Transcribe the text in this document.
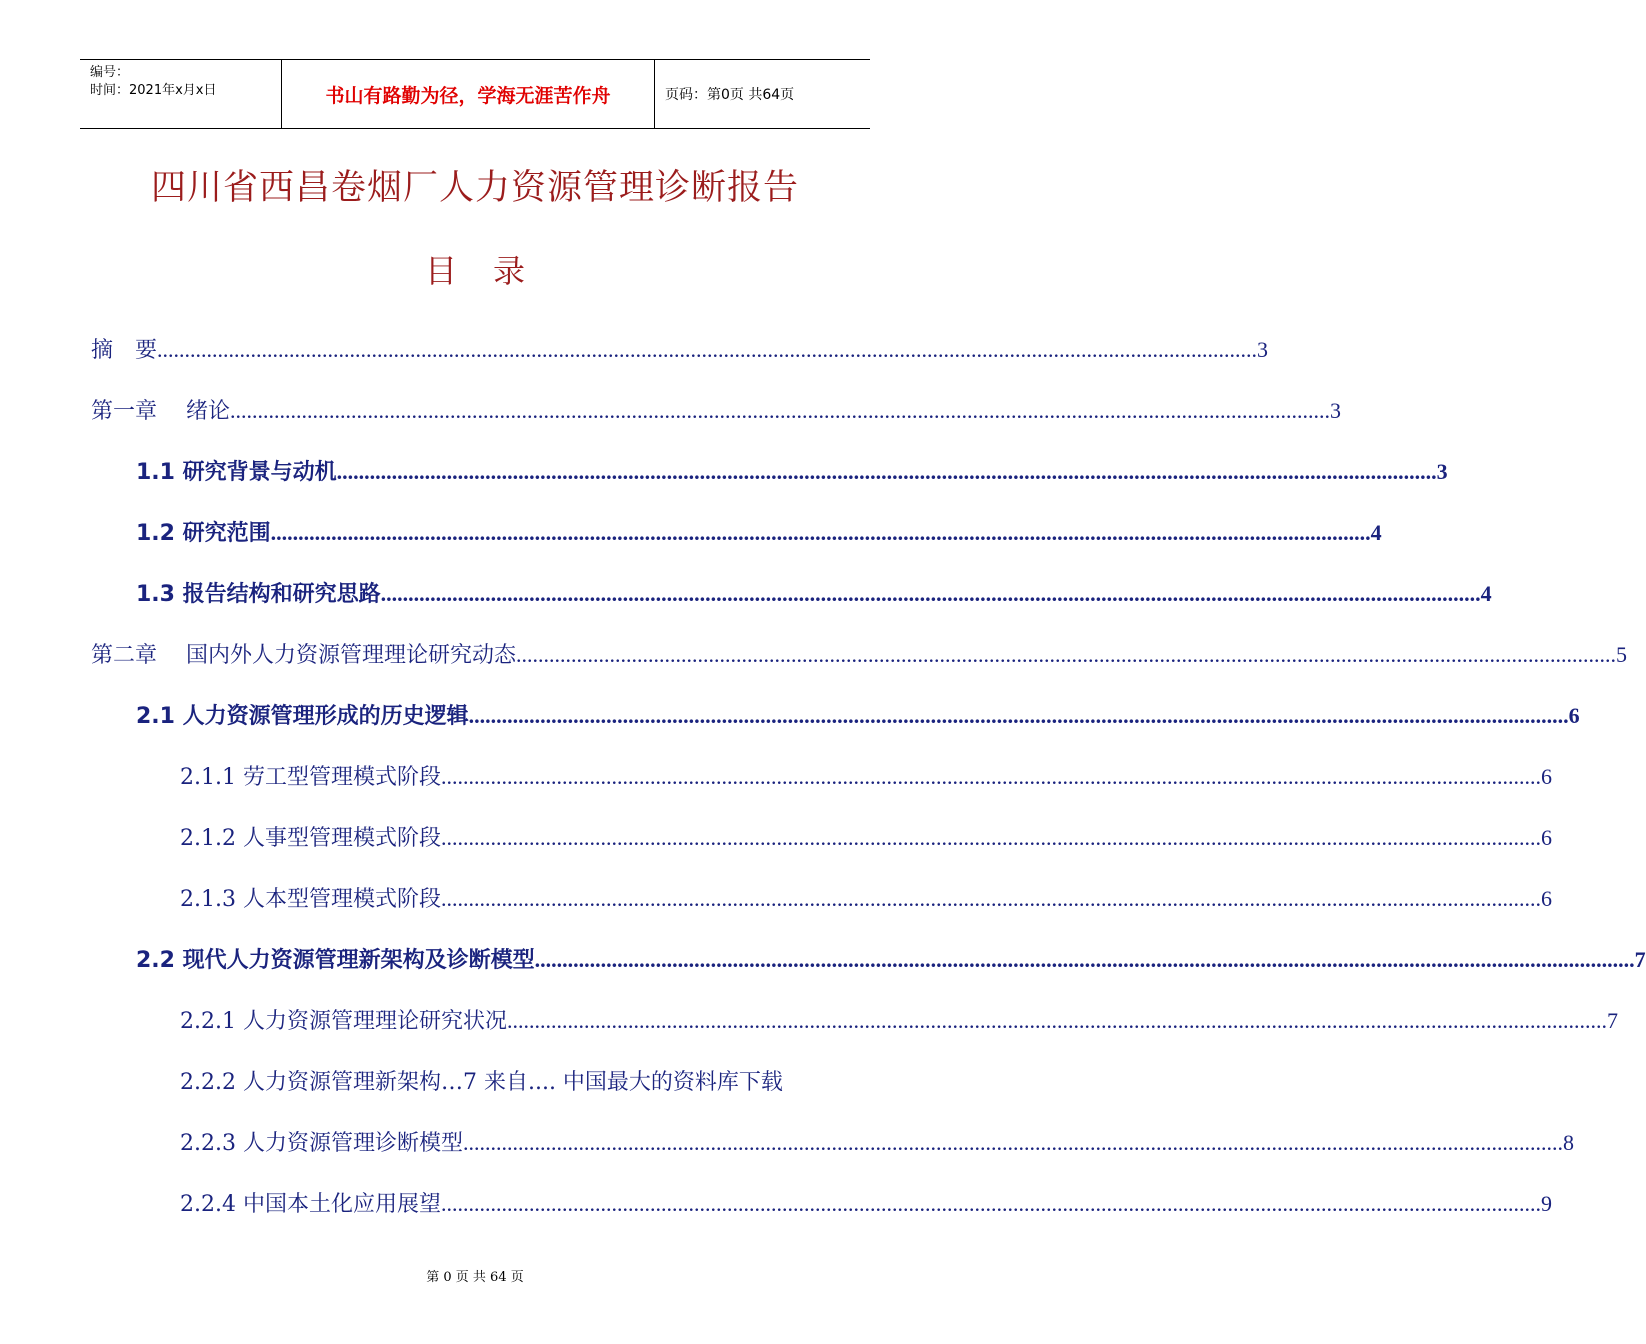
编号：
时间：2021年x月x日	书山有路勤为径，学海无涯苦作舟	页码：第0页 共64页
四川省西昌卷烟厂人力资源管理诊断报告
目录
摘　要 ........................................................................................................................................................................................................ 3
第一章　 绪论 ........................................................................................................................................................................................................ 3
1.1 研究背景与动机 ........................................................................................................................................................................................................ 3
1.2 研究范围 ........................................................................................................................................................................................................ 4
1.3 报告结构和研究思路 ........................................................................................................................................................................................................ 4
第二章　 国内外人力资源管理理论研究动态 ........................................................................................................................................................................................................ 5
2.1 人力资源管理形成的历史逻辑 ........................................................................................................................................................................................................ 6
2.1.1 劳工型管理模式阶段 ........................................................................................................................................................................................................ 6
2.1.2 人事型管理模式阶段 ........................................................................................................................................................................................................ 6
2.1.3 人本型管理模式阶段 ........................................................................................................................................................................................................ 6
2.2 现代人力资源管理新架构及诊断模型 ........................................................................................................................................................................................................ 7
2.2.1 人力资源管理理论研究状况 ........................................................................................................................................................................................................ 7
2.2.2 人力资源管理新架构…7 来自.... 中国最大的资料库下载
2.2.3 人力资源管理诊断模型 ........................................................................................................................................................................................................ 8
2.2.4 中国本土化应用展望 ........................................................................................................................................................................................................ 9
第 0 页 共 64 页
